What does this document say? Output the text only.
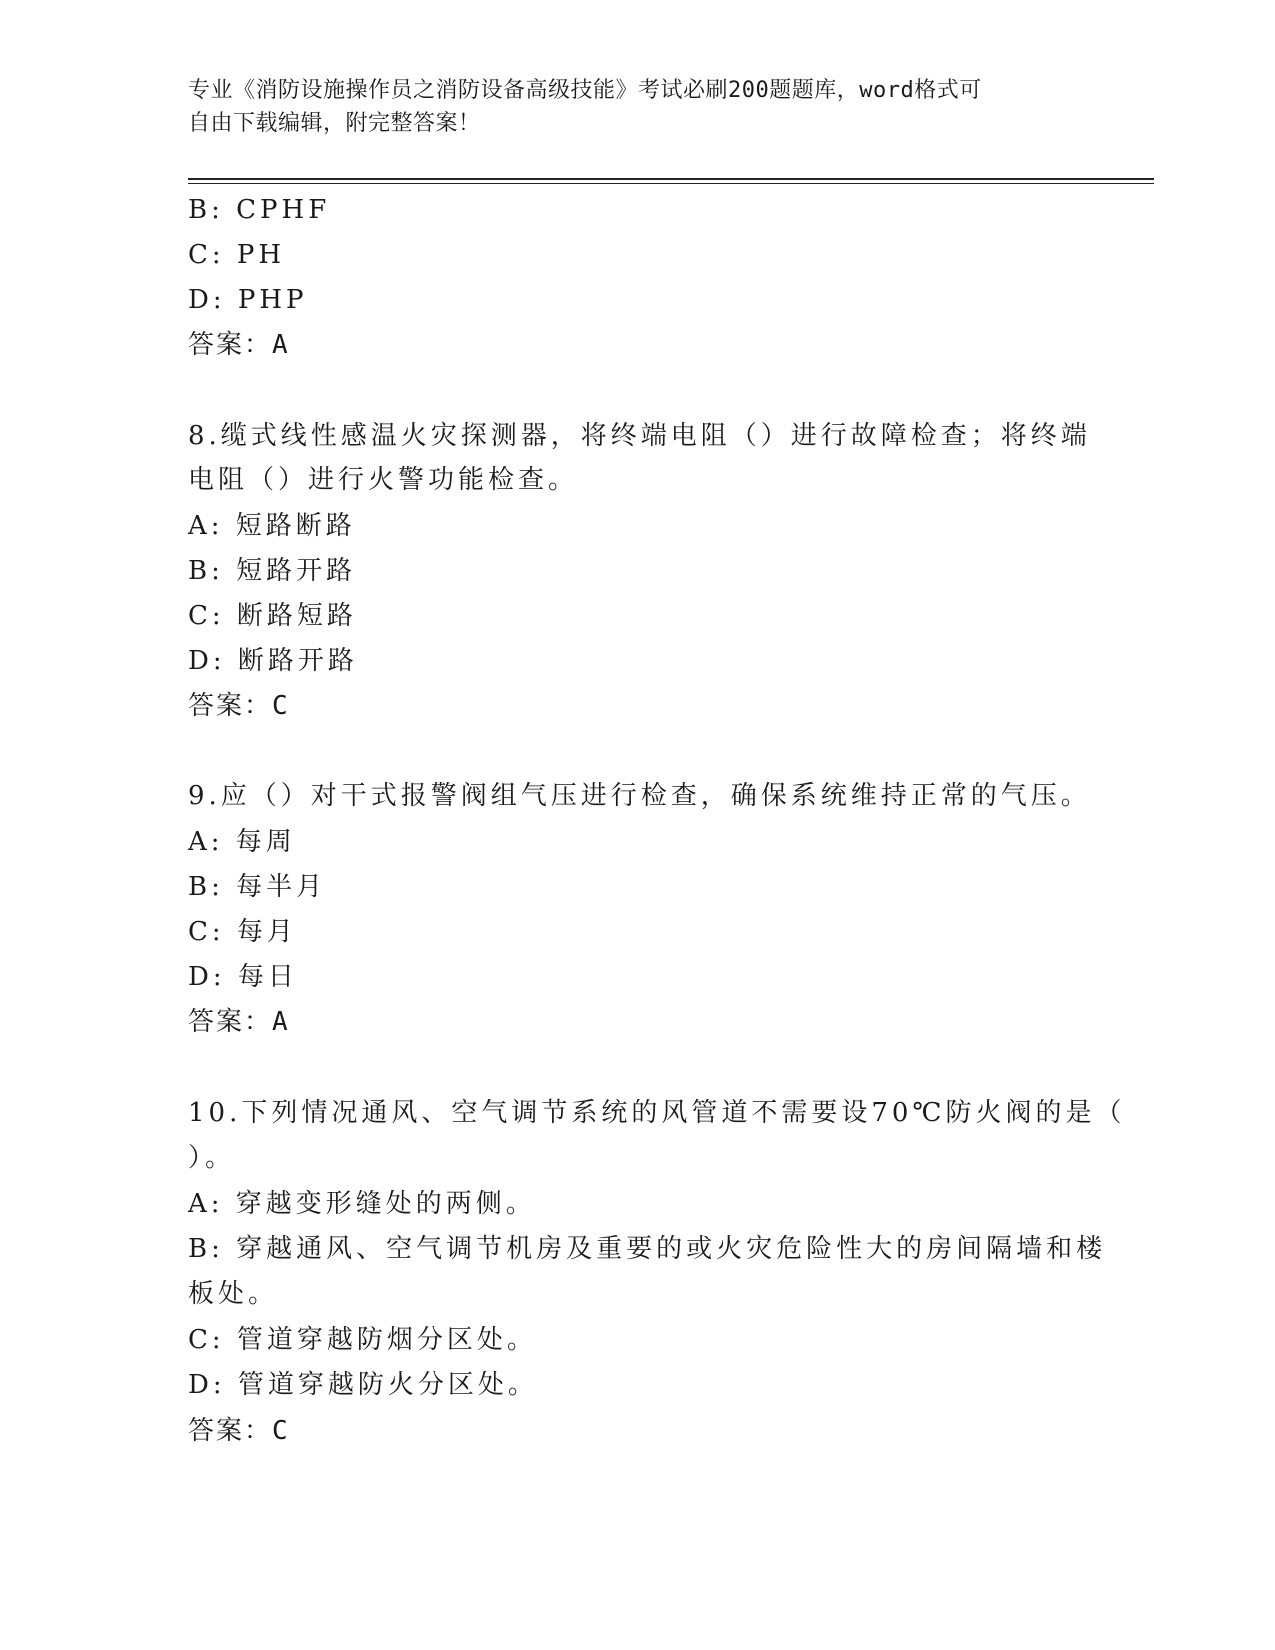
专业《消防设施操作员之消防设备高级技能》考试必刷200题题库，word格式可
自由下载编辑，附完整答案！
B: CPHF
C: PH
D: PHP
答案：A
8.缆式线性感温火灾探测器，将终端电阻（）进行故障检查；将终端
电阻（）进行火警功能检查。
A: 短路断路
B: 短路开路
C: 断路短路
D: 断路开路
答案：C
9.应（）对干式报警阀组气压进行检查，确保系统维持正常的气压。
A: 每周
B: 每半月
C: 每月
D: 每日
答案：A
10.下列情况通风、空气调节系统的风管道不需要设70℃防火阀的是（
）。
A: 穿越变形缝处的两侧。
B: 穿越通风、空气调节机房及重要的或火灾危险性大的房间隔墙和楼
板处。
C: 管道穿越防烟分区处。
D: 管道穿越防火分区处。
答案：C
